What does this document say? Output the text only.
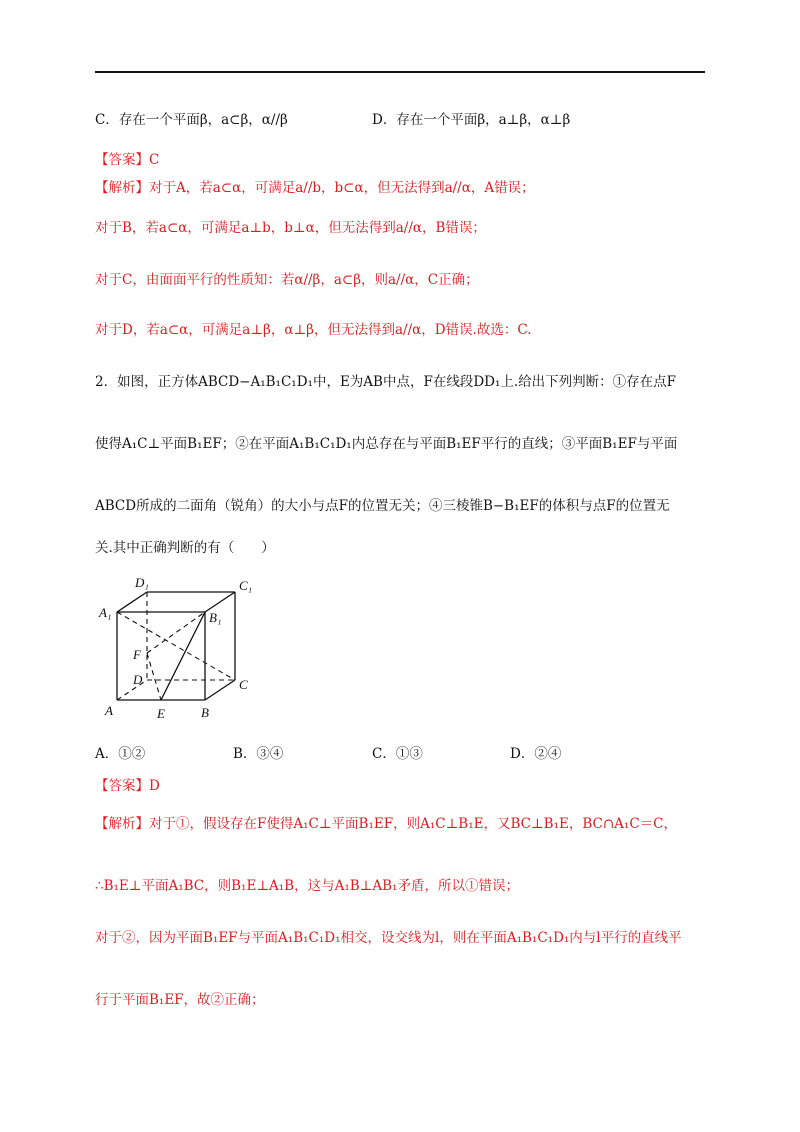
C．存在一个平面β，a⊂β，α//β	D．存在一个平面β，a⊥β，α⊥β
【答案】C
【解析】对于A，若a⊂α，可满足a//b，b⊂α，但无法得到a//α，A错误；
对于B，若a⊂α，可满足a⊥b，b⊥α，但无法得到a//α，B错误；
对于C，由面面平行的性质知：若α//β，a⊂β，则a//α，C正确；
对于D，若a⊂α，可满足a⊥β，α⊥β，但无法得到a//α，D错误.故选：C.
2．如图，正方体ABCD−A₁B₁C₁D₁中，E为AB中点，F在线段DD₁上.给出下列判断：①存在点F
使得A₁C⊥平面B₁EF；②在平面A₁B₁C₁D₁内总存在与平面B₁EF平行的直线；③平面B₁EF与平面
ABCD所成的二面角（锐角）的大小与点F的位置无关；④三棱锥B−B₁EF的体积与点F的位置无
关.其中正确判断的有（　　）
D₁	C₁
A₁	B₁
F
D	C
A	E	B
A．①②	B．③④	C．①③	D．②④
【答案】D
【解析】对于①，假设存在F使得A₁C⊥平面B₁EF，则A₁C⊥B₁E，又BC⊥B₁E，BC∩A₁C＝C，
∴B₁E⊥平面A₁BC，则B₁E⊥A₁B，这与A₁B⊥AB₁矛盾，所以①错误；
对于②，因为平面B₁EF与平面A₁B₁C₁D₁相交，设交线为l，则在平面A₁B₁C₁D₁内与l平行的直线平
行于平面B₁EF，故②正确；
